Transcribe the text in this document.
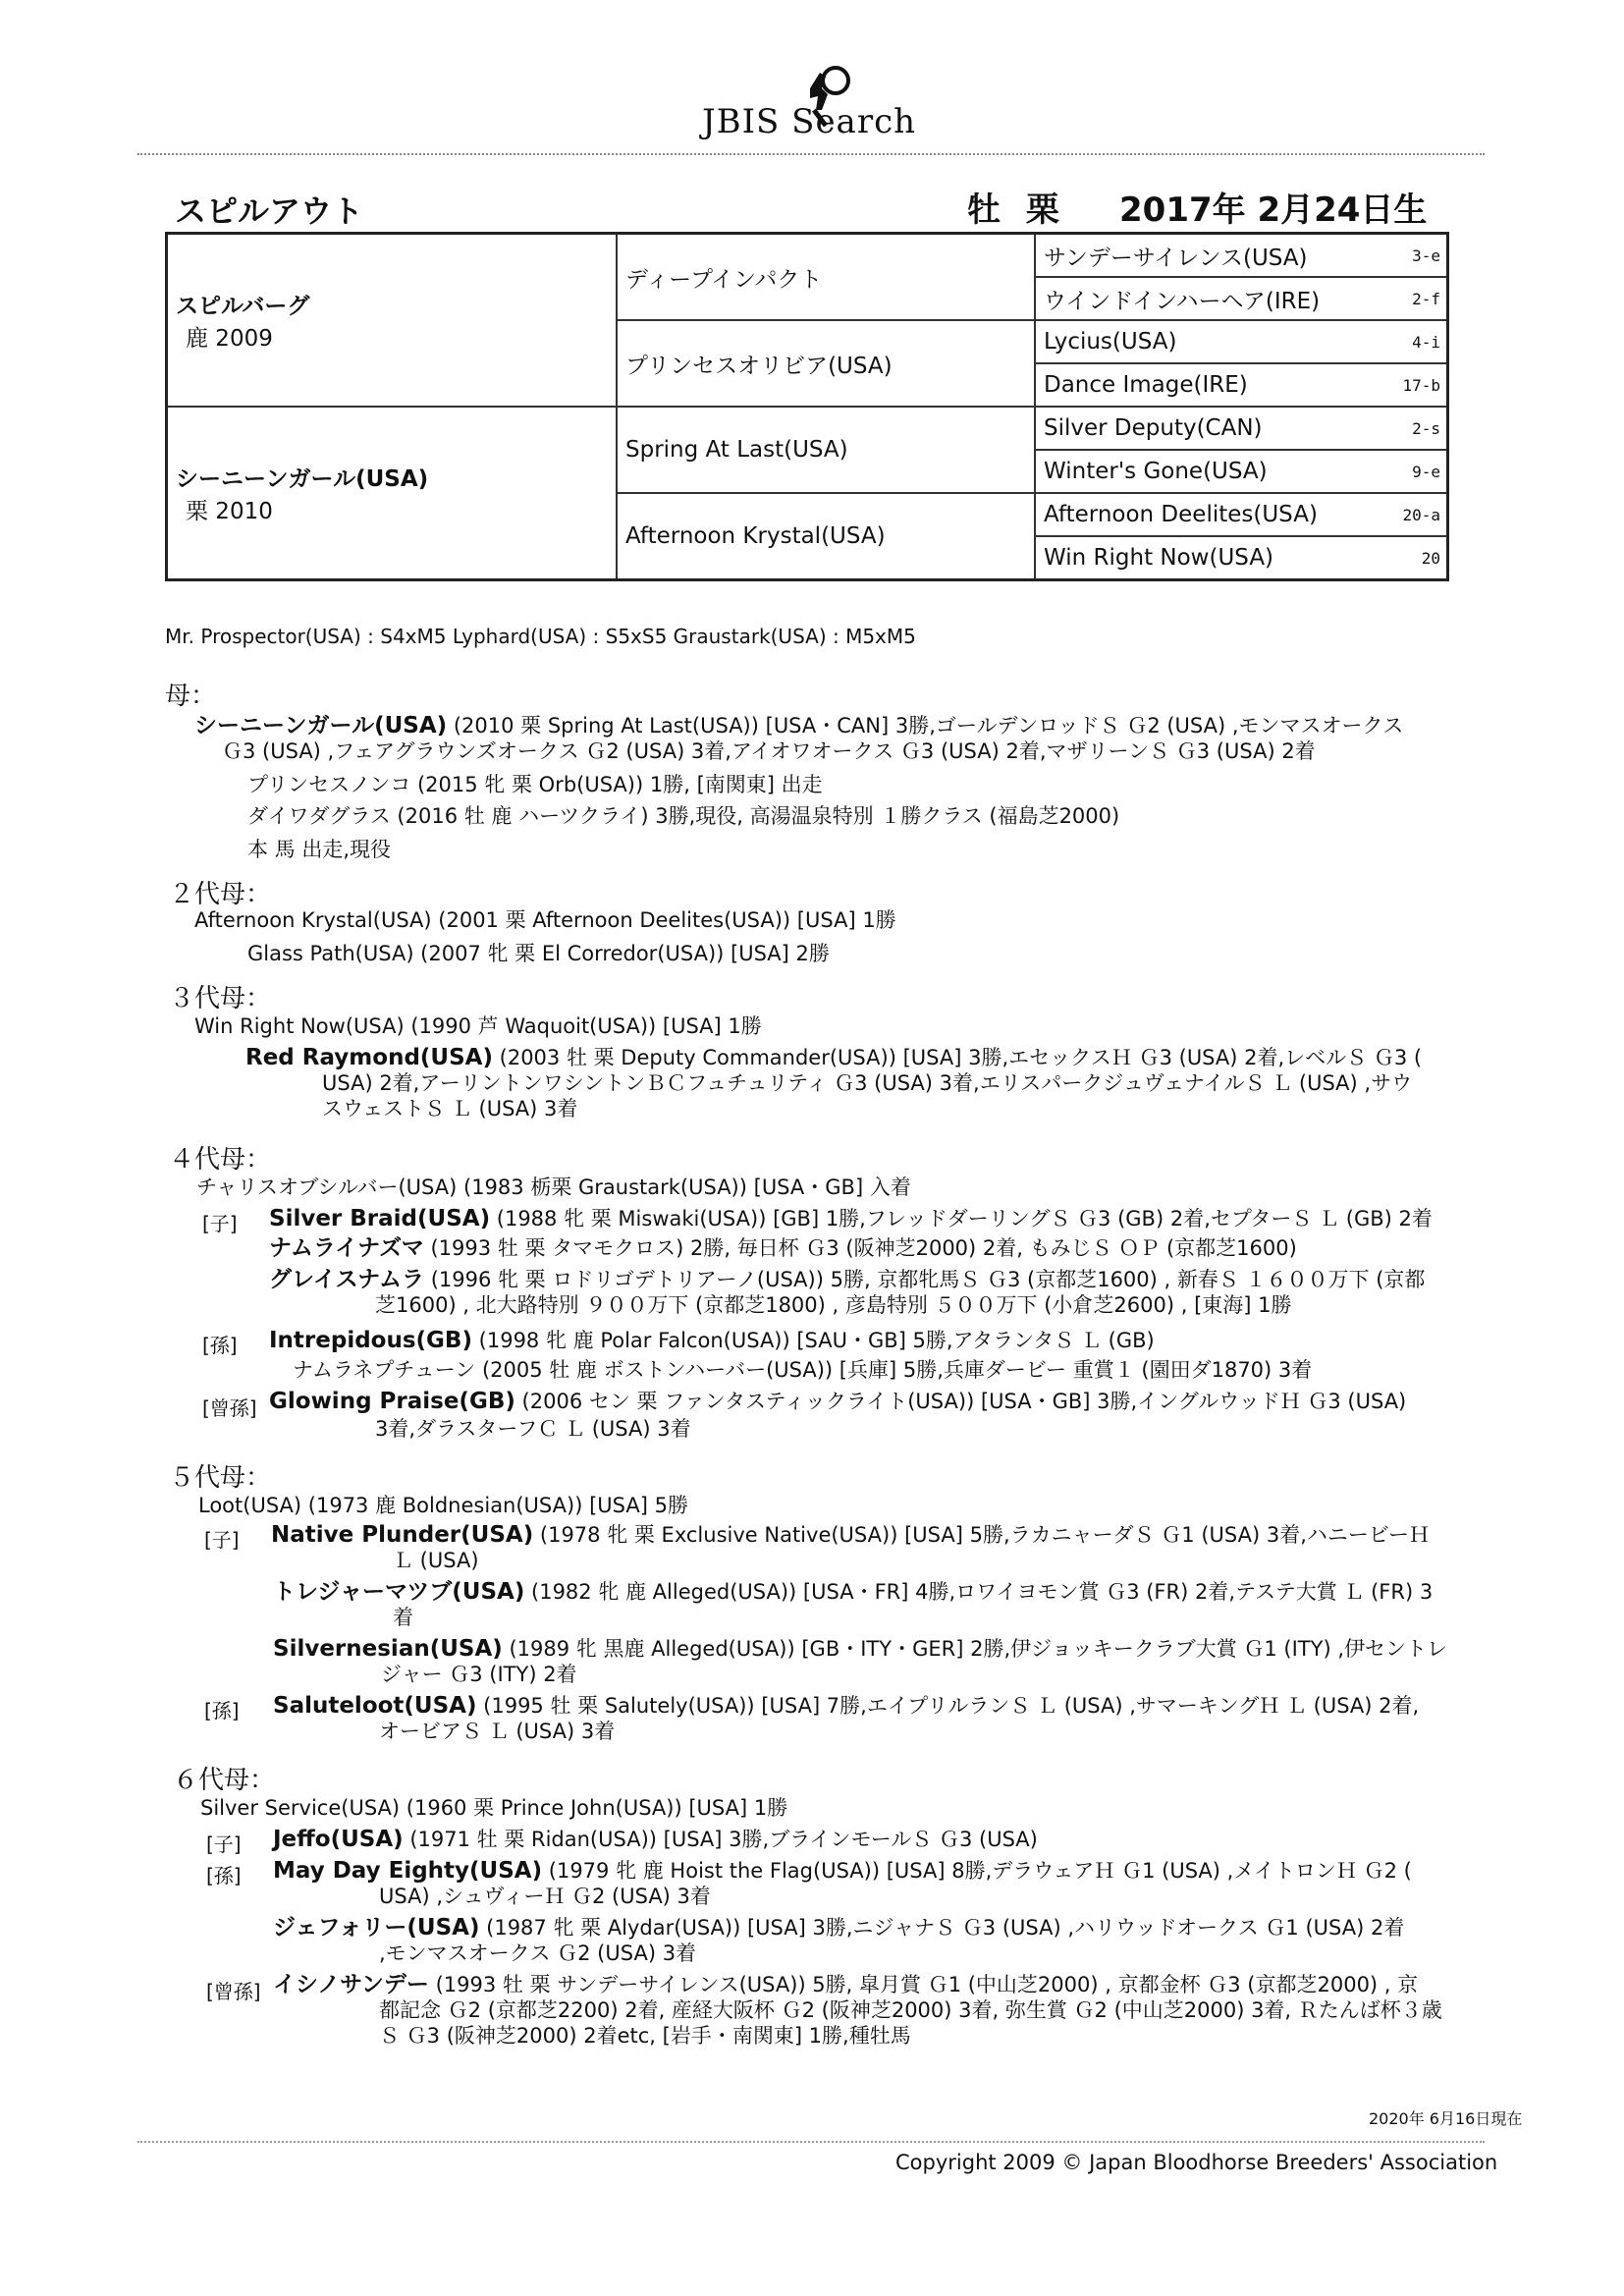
JBIS Search
スピルアウト	牡 栗 2017年 2月24日生
スピルバーグ
鹿 2009	ディープインパクト	サンデーサイレンス(USA) 3-e

		ウインドインハーヘア(IRE) 2-f

	プリンセスオリビア(USA)	Lycius(USA) 4-i

		Dance Image(IRE) 17-b

シーニーンガール(USA)
栗 2010	Spring At Last(USA)	Silver Deputy(CAN) 2-s

		Winter's Gone(USA) 9-e

	Afternoon Krystal(USA)	Afternoon Deelites(USA) 20-a

		Win Right Now(USA) 20
Mr. Prospector(USA) : S4xM5 Lyphard(USA) : S5xS5 Graustark(USA) : M5xM5
母：
シーニーンガール(USA) (2010 栗 Spring At Last(USA)) [USA・CAN] 3勝,ゴールデンロッドＳ Ｇ2 (USA) ,モンマスオークス
Ｇ3 (USA) ,フェアグラウンズオークス Ｇ2 (USA) 3着,アイオワオークス Ｇ3 (USA) 2着,マザリーンＳ Ｇ3 (USA) 2着
プリンセスノンコ (2015 牝 栗 Orb(USA)) 1勝, [南関東] 出走
ダイワダグラス (2016 牡 鹿 ハーツクライ) 3勝,現役, 高湯温泉特別 １勝クラス (福島芝2000)
本 馬 出走,現役
２代母：
Afternoon Krystal(USA) (2001 栗 Afternoon Deelites(USA)) [USA] 1勝
Glass Path(USA) (2007 牝 栗 El Corredor(USA)) [USA] 2勝
３代母：
Win Right Now(USA) (1990 芦 Waquoit(USA)) [USA] 1勝
Red Raymond(USA) (2003 牡 栗 Deputy Commander(USA)) [USA] 3勝,エセックスＨ Ｇ3 (USA) 2着,レベルＳ Ｇ3 (
USA) 2着,アーリントンワシントンＢＣフュチュリティ Ｇ3 (USA) 3着,エリスパークジュヴェナイルＳ Ｌ (USA) ,サウ
スウェストＳ Ｌ (USA) 3着
４代母：
チャリスオブシルバー(USA) (1983 栃栗 Graustark(USA)) [USA・GB] 入着
[子] Silver Braid(USA) (1988 牝 栗 Miswaki(USA)) [GB] 1勝,フレッドダーリングＳ Ｇ3 (GB) 2着,セプターＳ Ｌ (GB) 2着
ナムライナズマ (1993 牡 栗 タマモクロス) 2勝, 毎日杯 Ｇ3 (阪神芝2000) 2着, もみじＳ ＯＰ (京都芝1600)
グレイスナムラ (1996 牝 栗 ロドリゴデトリアーノ(USA)) 5勝, 京都牝馬Ｓ Ｇ3 (京都芝1600) , 新春Ｓ １６００万下 (京都
芝1600) , 北大路特別 ９００万下 (京都芝1800) , 彦島特別 ５００万下 (小倉芝2600) , [東海] 1勝
[孫] Intrepidous(GB) (1998 牝 鹿 Polar Falcon(USA)) [SAU・GB] 5勝,アタランタＳ Ｌ (GB)
ナムラネプチューン (2005 牡 鹿 ボストンハーバー(USA)) [兵庫] 5勝,兵庫ダービー 重賞１ (園田ダ1870) 3着
[曾孫] Glowing Praise(GB) (2006 セン 栗 ファンタスティックライト(USA)) [USA・GB] 3勝,イングルウッドＨ Ｇ3 (USA)
3着,ダラスターフＣ Ｌ (USA) 3着
５代母：
Loot(USA) (1973 鹿 Boldnesian(USA)) [USA] 5勝
[子] Native Plunder(USA) (1978 牝 栗 Exclusive Native(USA)) [USA] 5勝,ラカニャーダＳ Ｇ1 (USA) 3着,ハニービーＨ
Ｌ (USA)
トレジャーマツブ(USA) (1982 牝 鹿 Alleged(USA)) [USA・FR] 4勝,ロワイヨモン賞 Ｇ3 (FR) 2着,テステ大賞 Ｌ (FR) 3
着
Silvernesian(USA) (1989 牝 黒鹿 Alleged(USA)) [GB・ITY・GER] 2勝,伊ジョッキークラブ大賞 Ｇ1 (ITY) ,伊セントレ
ジャー Ｇ3 (ITY) 2着
[孫] Saluteloot(USA) (1995 牡 栗 Salutely(USA)) [USA] 7勝,エイプリルランＳ Ｌ (USA) ,サマーキングＨ Ｌ (USA) 2着,
オービアＳ Ｌ (USA) 3着
６代母：
Silver Service(USA) (1960 栗 Prince John(USA)) [USA] 1勝
[子] Jeffo(USA) (1971 牡 栗 Ridan(USA)) [USA] 3勝,ブラインモールＳ Ｇ3 (USA)
[孫] May Day Eighty(USA) (1979 牝 鹿 Hoist the Flag(USA)) [USA] 8勝,デラウェアＨ Ｇ1 (USA) ,メイトロンＨ Ｇ2 (
USA) ,シュヴィーＨ Ｇ2 (USA) 3着
ジェフォリー(USA) (1987 牝 栗 Alydar(USA)) [USA] 3勝,ニジャナＳ Ｇ3 (USA) ,ハリウッドオークス Ｇ1 (USA) 2着
,モンマスオークス Ｇ2 (USA) 3着
[曾孫] イシノサンデー (1993 牡 栗 サンデーサイレンス(USA)) 5勝, 皐月賞 Ｇ1 (中山芝2000) , 京都金杯 Ｇ3 (京都芝2000) , 京
都記念 Ｇ2 (京都芝2200) 2着, 産経大阪杯 Ｇ2 (阪神芝2000) 3着, 弥生賞 Ｇ2 (中山芝2000) 3着, Ｒたんば杯３歳
Ｓ Ｇ3 (阪神芝2000) 2着etc, [岩手・南関東] 1勝,種牡馬
2020年 6月16日現在
Copyright 2009 © Japan Bloodhorse Breeders' Association
